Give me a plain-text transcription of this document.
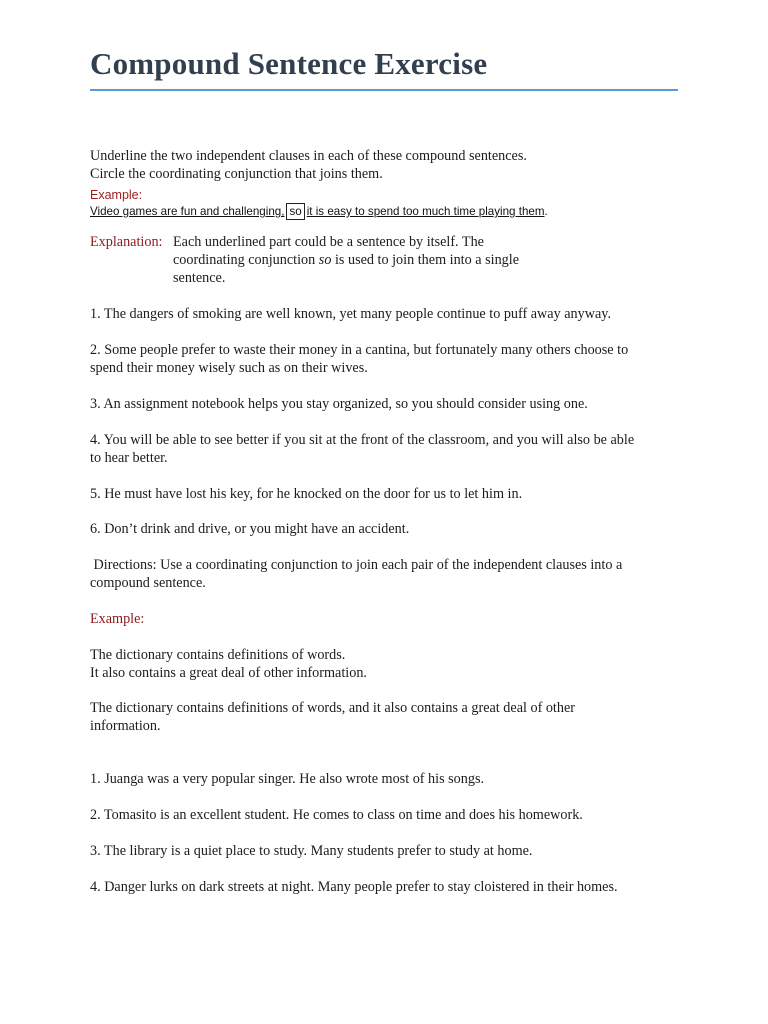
Compound Sentence Exercise
Underline the two independent clauses in each of these compound sentences.
Circle the coordinating conjunction that joins them.
Example:
Video games are fun and challenging, so it is easy to spend too much time playing them.
Explanation: Each underlined part could be a sentence by itself. The
coordinating conjunction so is used to join them into a single
sentence.
1. The dangers of smoking are well known, yet many people continue to puff away anyway.
2. Some people prefer to waste their money in a cantina, but fortunately many others choose to
spend their money wisely such as on their wives.
3. An assignment notebook helps you stay organized, so you should consider using one.
4. You will be able to see better if you sit at the front of the classroom, and you will also be able
to hear better.
5. He must have lost his key, for he knocked on the door for us to let him in.
6. Don’t drink and drive, or you might have an accident.
Directions: Use a coordinating conjunction to join each pair of the independent clauses into a
compound sentence.
Example:
The dictionary contains definitions of words.
It also contains a great deal of other information.
The dictionary contains definitions of words, and it also contains a great deal of other
information.
1. Juanga was a very popular singer. He also wrote most of his songs.
2. Tomasito is an excellent student. He comes to class on time and does his homework.
3. The library is a quiet place to study. Many students prefer to study at home.
4. Danger lurks on dark streets at night. Many people prefer to stay cloistered in their homes.
